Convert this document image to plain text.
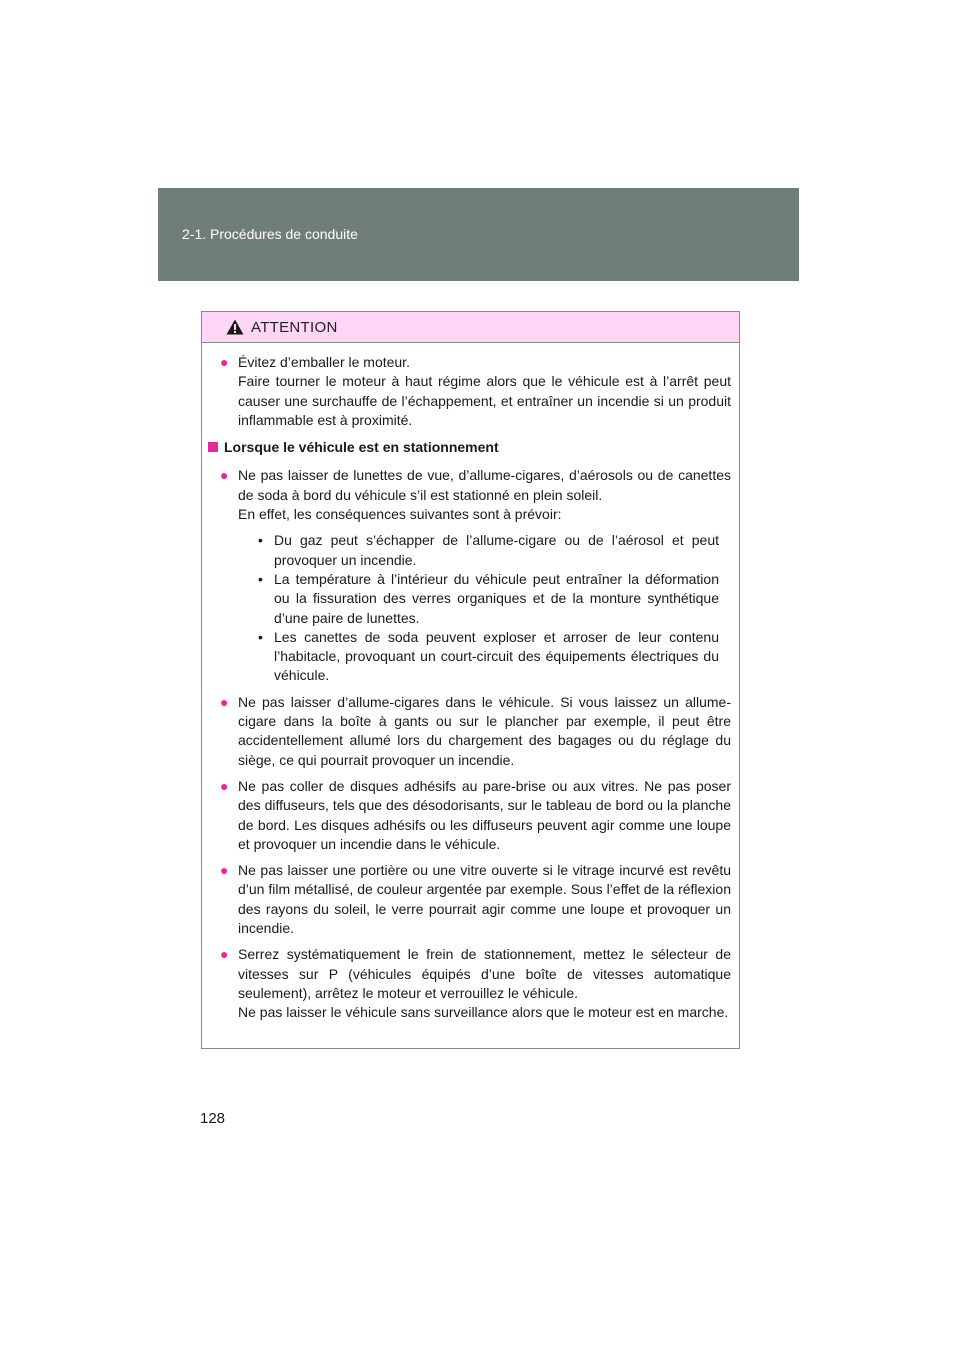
2-1. Procédures de conduite
ATTENTION
● Évitez d’emballer le moteur.
Faire tourner le moteur à haut régime alors que le véhicule est à l’arrêt peut causer une surchauffe de l’échappement, et entraîner un incendie si un produit inflammable est à proximité.
Lorsque le véhicule est en stationnement
● Ne pas laisser de lunettes de vue, d’allume-cigares, d’aérosols ou de canettes de soda à bord du véhicule s’il est stationné en plein soleil.
En effet, les conséquences suivantes sont à prévoir:
• Du gaz peut s’échapper de l’allume-cigare ou de l’aérosol et peut provoquer un incendie.
• La température à l’intérieur du véhicule peut entraîner la déformation ou la fissuration des verres organiques et de la monture synthétique d’une paire de lunettes.
• Les canettes de soda peuvent exploser et arroser de leur contenu l’habitacle, provoquant un court-circuit des équipements électriques du véhicule.
● Ne pas laisser d’allume-cigares dans le véhicule. Si vous laissez un allume-cigare dans la boîte à gants ou sur le plancher par exemple, il peut être accidentellement allumé lors du chargement des bagages ou du réglage du siège, ce qui pourrait provoquer un incendie.
● Ne pas coller de disques adhésifs au pare-brise ou aux vitres. Ne pas poser des diffuseurs, tels que des désodorisants, sur le tableau de bord ou la planche de bord. Les disques adhésifs ou les diffuseurs peuvent agir comme une loupe et provoquer un incendie dans le véhicule.
● Ne pas laisser une portière ou une vitre ouverte si le vitrage incurvé est revêtu d’un film métallisé, de couleur argentée par exemple. Sous l’effet de la réflexion des rayons du soleil, le verre pourrait agir comme une loupe et provoquer un incendie.
● Serrez systématiquement le frein de stationnement, mettez le sélecteur de vitesses sur P (véhicules équipés d’une boîte de vitesses automatique seulement), arrêtez le moteur et verrouillez le véhicule.
Ne pas laisser le véhicule sans surveillance alors que le moteur est en marche.
128
